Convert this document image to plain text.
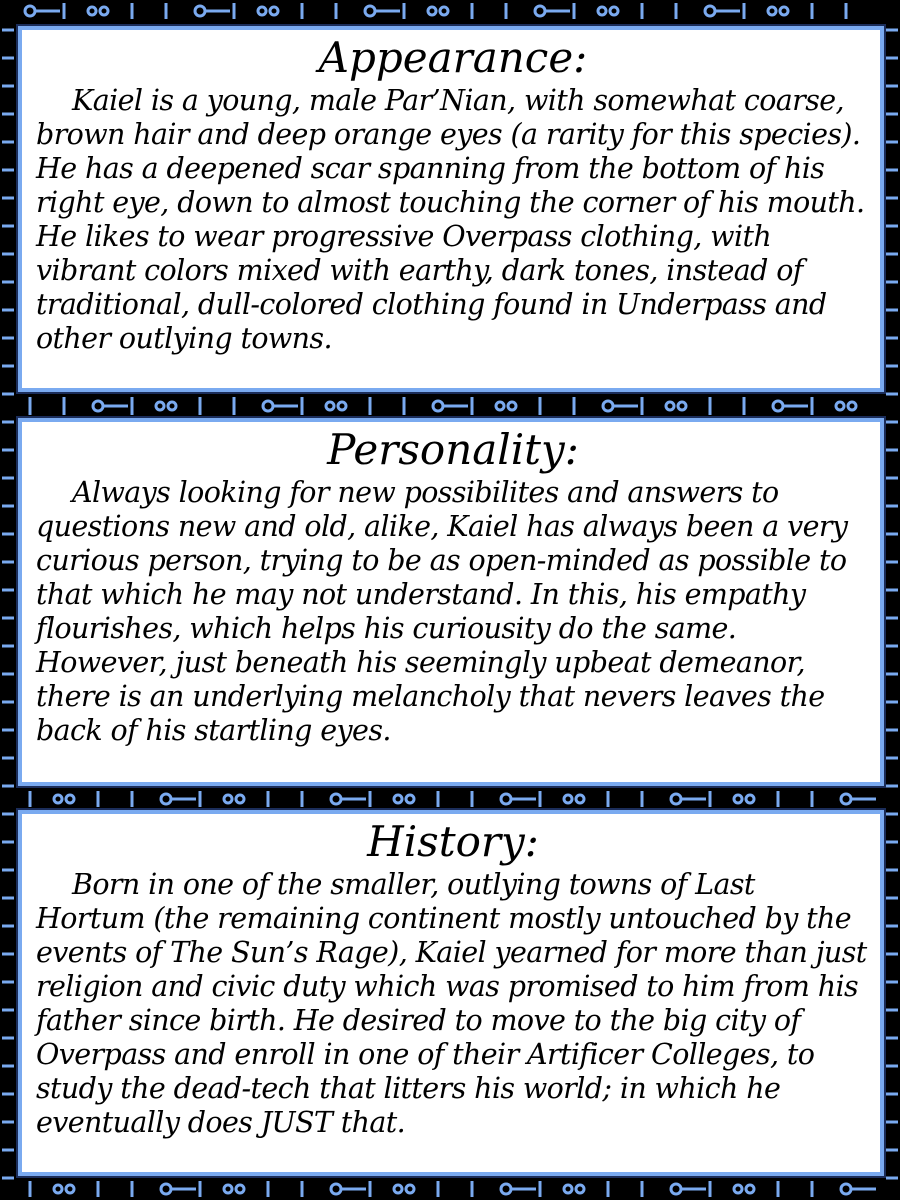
Appearance:

Kaiel is a young, male Par’Nian, with somewhat coarse, brown hair and deep orange eyes (a rarity for this species). He has a deepened scar spanning from the bottom of his right eye, down to almost touching the corner of his mouth. He likes to wear progressive Overpass clothing, with vibrant colors mixed with earthy, dark tones, instead of traditional, dull-colored clothing found in Underpass and other outlying towns.

Personality:

Always looking for new possibilites and answers to questions new and old, alike, Kaiel has always been a very curious person, trying to be as open-minded as possible to that which he may not understand. In this, his empathy flourishes, which helps his curiousity do the same. However, just beneath his seemingly upbeat demeanor, there is an underlying melancholy that nevers leaves the back of his startling eyes.

History:

Born in one of the smaller, outlying towns of Last Hortum (the remaining continent mostly untouched by the events of The Sun’s Rage), Kaiel yearned for more than just religion and civic duty which was promised to him from his father since birth. He desired to move to the big city of Overpass and enroll in one of their Artificer Colleges, to study the dead-tech that litters his world; in which he eventually does JUST that.
